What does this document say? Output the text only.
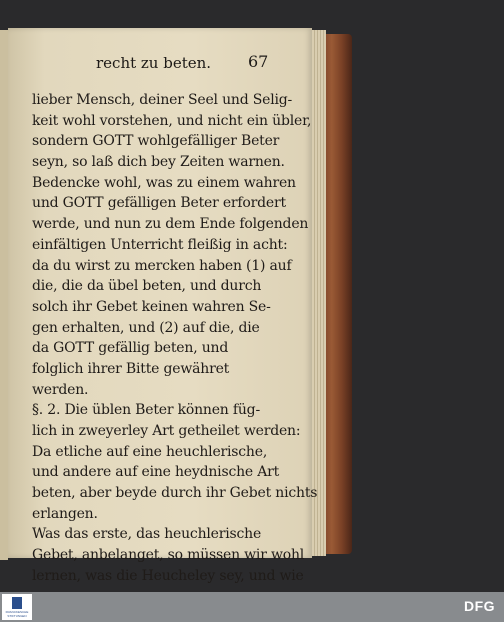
recht zu beten. 67
lieber Mensch, deiner Seel und Selig-
keit wohl vorstehen, und nicht ein übler,
sondern GOTT wohlgefälliger Beter
seyn, so laß dich bey Zeiten warnen.
Bedencke wohl, was zu einem wahren
und GOTT gefälligen Beter erfordert
werde, und nun zu dem Ende folgenden
einfältigen Unterricht fleißig in acht:
da du wirst zu mercken haben (1) auf
die, die da übel beten, und durch
solch ihr Gebet keinen wahren Se-
gen erhalten, und (2) auf die, die
da GOTT gefällig beten, und
folglich ihrer Bitte gewähret
werden.
§. 2. Die üblen Beter können füg-
lich in zweyerley Art getheilet werden:
Da etliche auf eine heuchlerische,
und andere auf eine heydnische Art
beten, aber beyde durch ihr Gebet nichts
erlangen.
Was das erste, das heuchlerische
Gebet, anbelanget, so müssen wir wohl
lernen, was die Heucheley sey, und wie
FRANCKESCHE STIFTUNGEN
DFG
